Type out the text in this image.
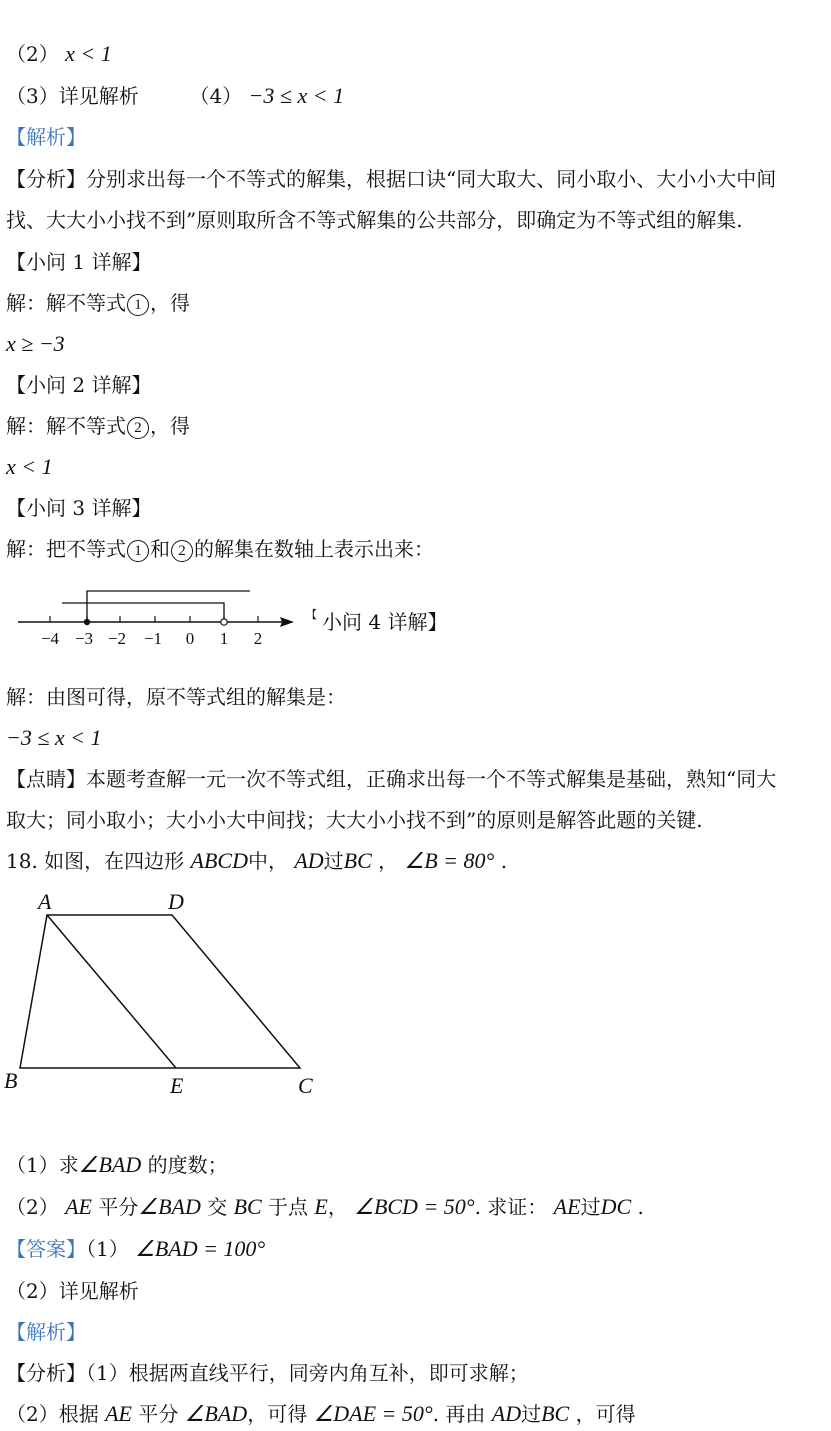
（2） x < 1
（3）详见解析	（4） −3 ≤ x < 1
【解析】
【分析】分别求出每一个不等式的解集，根据口诀“同大取大、同小取小、大小小大中间
找、大大小小找不到”原则取所含不等式解集的公共部分，即确定为不等式组的解集.
【小问 1 详解】
解：解不等式 1 ，得
x ≥ −3
【小问 2 详解】
解：解不等式 2 ，得
x < 1
【小问 3 详解】
解：把不等式 1 和 2 的解集在数轴上表示出来：
−4 −3 −2 −1 0 1 2
【 小问 4 详解】
解：由图可得，原不等式组的解集是：
−3 ≤ x < 1
【点睛】本题考查解一元一次不等式组，正确求出每一个不等式解集是基础，熟知“同大
取大；同小取小；大小小大中间找；大大小小找不到”的原则是解答此题的关键.
18. 如图，在四边形 ABCD中， AD过BC ， ∠B = 80° .
A	D
B	E	C
（1）求∠BAD 的度数；
（2） AE 平分∠BAD 交 BC 于点 E， ∠BCD = 50°. 求证： AE过DC .
【答案】（1） ∠BAD = 100°
（2）详见解析
【解析】
【分析】（1）根据两直线平行，同旁内角互补，即可求解；
（2）根据 AE 平分 ∠BAD，可得 ∠DAE = 50°. 再由 AD过BC ，可得
